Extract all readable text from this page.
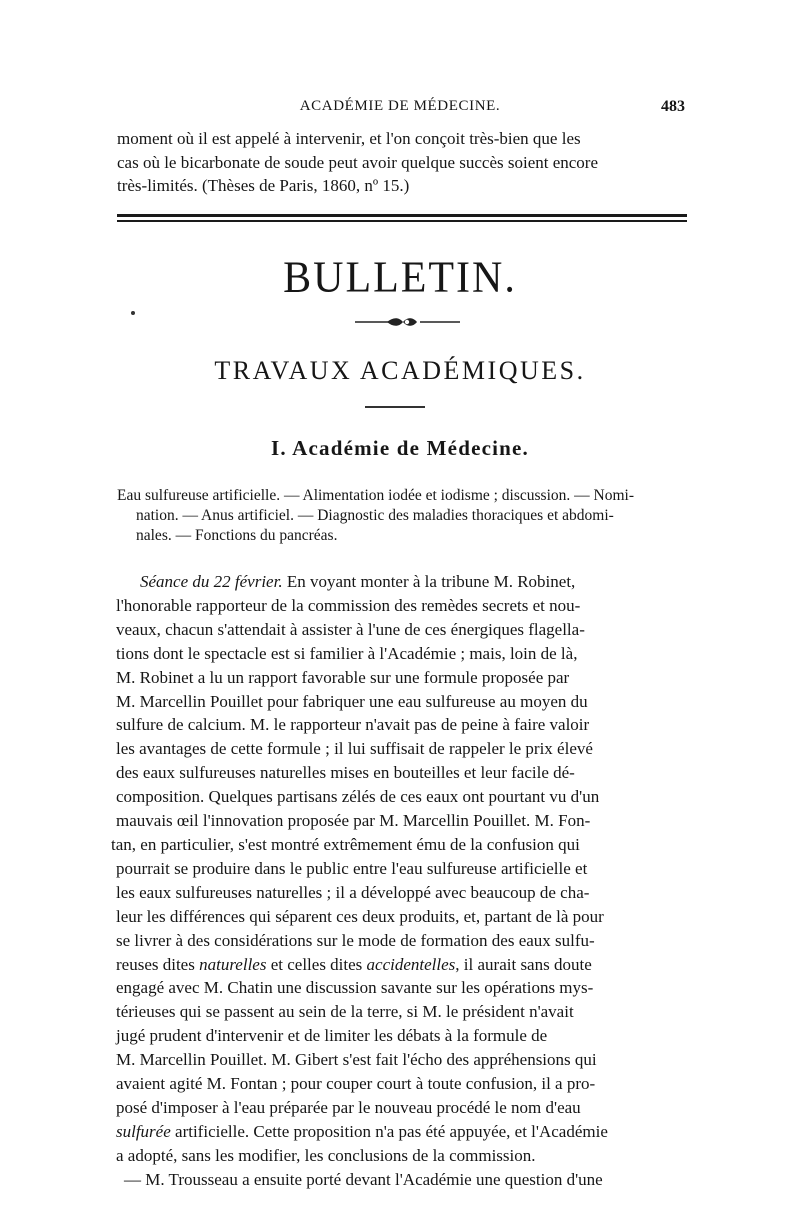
ACADÉMIE DE MÉDECINE.	483
moment où il est appelé à intervenir, et l'on conçoit très-bien que les
cas où le bicarbonate de soude peut avoir quelque succès soient encore
très-limités. (Thèses de Paris, 1860, nº 15.)
BULLETIN.
TRAVAUX ACADÉMIQUES.
I. Académie de Médecine.
Eau sulfureuse artificielle. — Alimentation iodée et iodisme ; discussion. — Nomi-
nation. — Anus artificiel. — Diagnostic des maladies thoraciques et abdomi-
nales. — Fonctions du pancréas.
Séance du 22 février. En voyant monter à la tribune M. Robinet,
l'honorable rapporteur de la commission des remèdes secrets et nou-
veaux, chacun s'attendait à assister à l'une de ces énergiques flagella-
tions dont le spectacle est si familier à l'Académie ; mais, loin de là,
M. Robinet a lu un rapport favorable sur une formule proposée par
M. Marcellin Pouillet pour fabriquer une eau sulfureuse au moyen du
sulfure de calcium. M. le rapporteur n'avait pas de peine à faire valoir
les avantages de cette formule ; il lui suffisait de rappeler le prix élevé
des eaux sulfureuses naturelles mises en bouteilles et leur facile dé-
composition. Quelques partisans zélés de ces eaux ont pourtant vu d'un
mauvais œil l'innovation proposée par M. Marcellin Pouillet. M. Fon-
tan, en particulier, s'est montré extrêmement ému de la confusion qui
pourrait se produire dans le public entre l'eau sulfureuse artificielle et
les eaux sulfureuses naturelles ; il a développé avec beaucoup de cha-
leur les différences qui séparent ces deux produits, et, partant de là pour
se livrer à des considérations sur le mode de formation des eaux sulfu-
reuses dites naturelles et celles dites accidentelles, il aurait sans doute
engagé avec M. Chatin une discussion savante sur les opérations mys-
térieuses qui se passent au sein de la terre, si M. le président n'avait
jugé prudent d'intervenir et de limiter les débats à la formule de
M. Marcellin Pouillet. M. Gibert s'est fait l'écho des appréhensions qui
avaient agité M. Fontan ; pour couper court à toute confusion, il a pro-
posé d'imposer à l'eau préparée par le nouveau procédé le nom d'eau
sulfurée artificielle. Cette proposition n'a pas été appuyée, et l'Académie
a adopté, sans les modifier, les conclusions de la commission.
— M. Trousseau a ensuite porté devant l'Académie une question d'une
